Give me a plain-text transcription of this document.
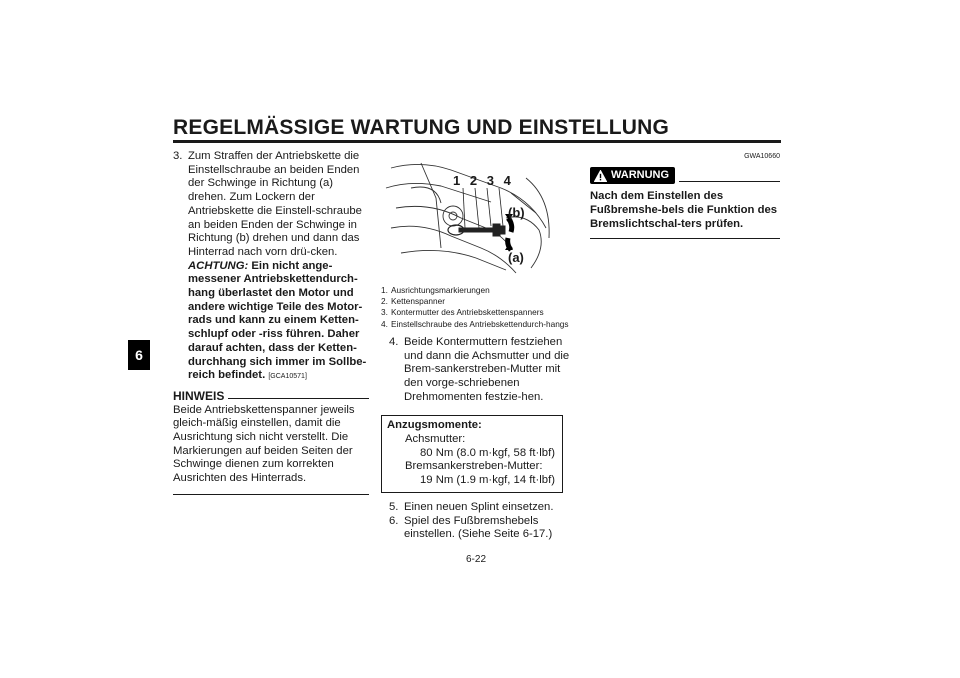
REGELMÄSSIGE WARTUNG UND EINSTELLUNG
6
3. Zum Straffen der Antriebskette die Einstellschraube an beiden Enden der Schwinge in Richtung (a) drehen. Zum Lockern der Antriebskette die Einstell-schraube an beiden Enden der Schwinge in Richtung (b) drehen und dann das Hinterrad nach vorn drü-cken. ACHTUNG: Ein nicht ange-messener Antriebskettendurch-hang überlastet den Motor und andere wichtige Teile des Motor-rads und kann zu einem Ketten-schlupf oder -riss führen. Daher darauf achten, dass der Ketten-durchhang sich immer im Sollbe-reich befindet. [GCA10571]
HINWEIS
Beide Antriebskettenspanner jeweils gleich-mäßig einstellen, damit die Ausrichtung sich nicht verstellt. Die Markierungen auf beiden Seiten der Schwinge dienen zum korrekten Ausrichten des Hinterrads.
1 2 3 4
(b)
(a)
1. Ausrichtungsmarkierungen
2. Kettenspanner
3. Kontermutter des Antriebskettenspanners
4. Einstellschraube des Antriebskettendurch-hangs
4. Beide Kontermuttern festziehen und dann die Achsmutter und die Brem-sankerstreben-Mutter mit den vorge-schriebenen Drehmomenten festzie-hen.
Anzugsmomente:
Achsmutter:
80 Nm (8.0 m·kgf, 58 ft·lbf)
Bremsankerstreben-Mutter:
19 Nm (1.9 m·kgf, 14 ft·lbf)
5. Einen neuen Splint einsetzen.
6. Spiel des Fußbremshebels einstellen. (Siehe Seite 6-17.)
GWA10660
WARNUNG
Nach dem Einstellen des Fußbremshe-bels die Funktion des Bremslichtschal-ters prüfen.
6-22
